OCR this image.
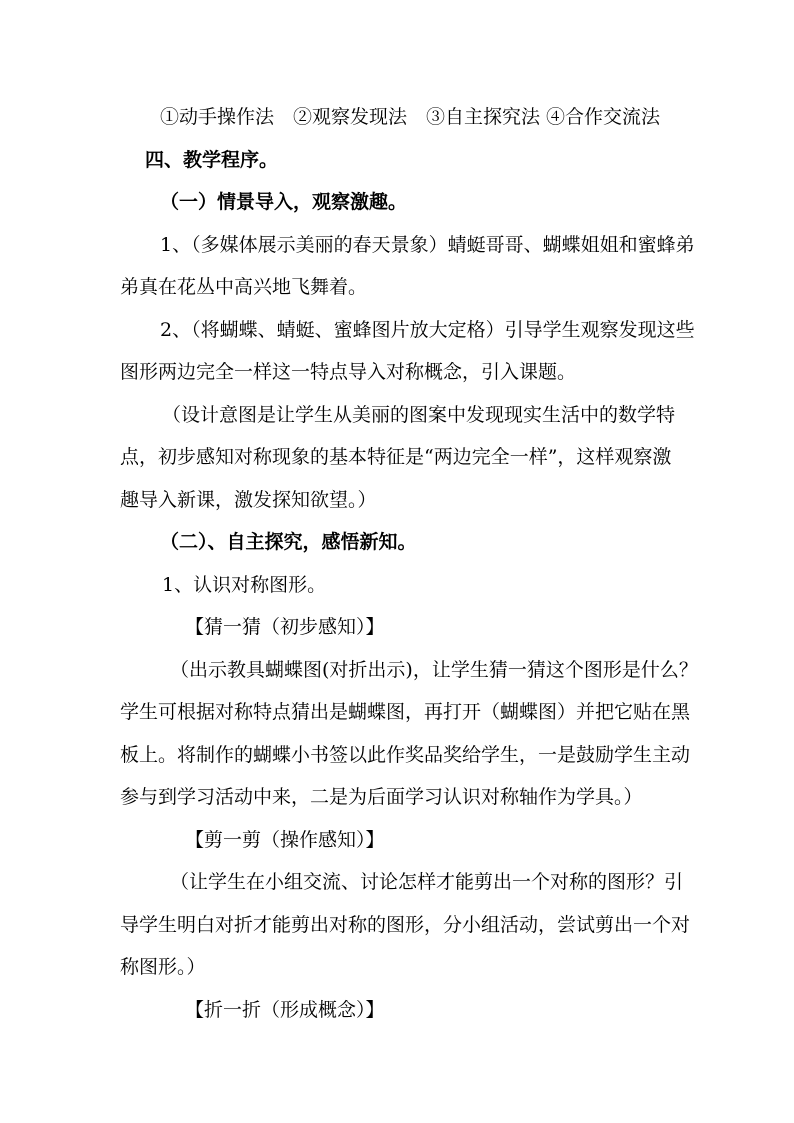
①动手操作法　②观察发现法　③自主探究法 ④合作交流法
四、教学程序。
（一）情景导入，观察激趣。
1、（多媒体展示美丽的春天景象）蜻蜓哥哥、蝴蝶姐姐和蜜蜂弟
弟真在花丛中高兴地飞舞着。
2、（将蝴蝶、蜻蜓、蜜蜂图片放大定格）引导学生观察发现这些
图形两边完全一样这一特点导入对称概念，引入课题。
（设计意图是让学生从美丽的图案中发现现实生活中的数学特
点，初步感知对称现象的基本特征是“两边完全一样”，这样观察激
趣导入新课，激发探知欲望。）
（二）、自主探究，感悟新知。
1、认识对称图形。
【猜一猜（初步感知）】
（出示教具蝴蝶图(对折出示)，让学生猜一猜这个图形是什么？
学生可根据对称特点猜出是蝴蝶图，再打开（蝴蝶图）并把它贴在黑
板上。将制作的蝴蝶小书签以此作奖品奖给学生，一是鼓励学生主动
参与到学习活动中来，二是为后面学习认识对称轴作为学具。）
【剪一剪（操作感知）】
（让学生在小组交流、讨论怎样才能剪出一个对称的图形？引
导学生明白对折才能剪出对称的图形，分小组活动，尝试剪出一个对
称图形。）
【折一折（形成概念）】
